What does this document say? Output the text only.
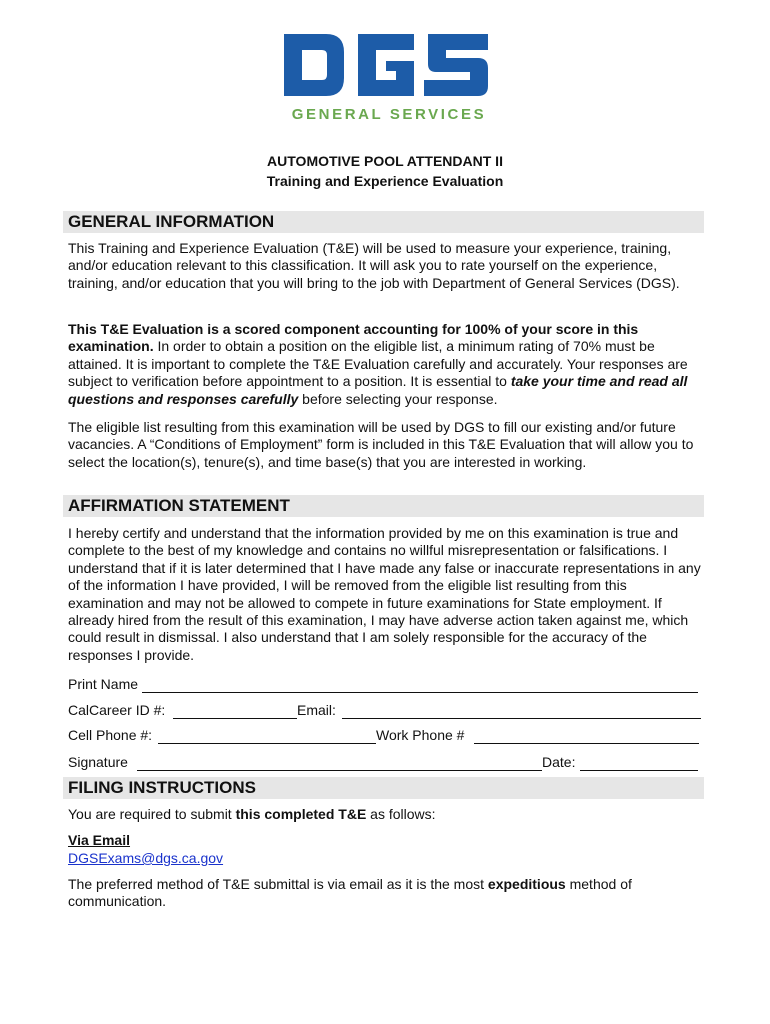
GENERAL SERVICES
AUTOMOTIVE POOL ATTENDANT II
Training and Experience Evaluation
GENERAL INFORMATION
This Training and Experience Evaluation (T&E) will be used to measure your experience, training, and/or education relevant to this classification. It will ask you to rate yourself on the experience, training, and/or education that you will bring to the job with Department of General Services (DGS).
This T&E Evaluation is a scored component accounting for 100% of your score in this examination. In order to obtain a position on the eligible list, a minimum rating of 70% must be attained. It is important to complete the T&E Evaluation carefully and accurately. Your responses are subject to verification before appointment to a position. It is essential to take your time and read all questions and responses carefully before selecting your response.
The eligible list resulting from this examination will be used by DGS to fill our existing and/or future vacancies. A “Conditions of Employment” form is included in this T&E Evaluation that will allow you to select the location(s), tenure(s), and time base(s) that you are interested in working.
AFFIRMATION STATEMENT
I hereby certify and understand that the information provided by me on this examination is true and complete to the best of my knowledge and contains no willful misrepresentation or falsifications. I understand that if it is later determined that I have made any false or inaccurate representations in any of the information I have provided, I will be removed from the eligible list resulting from this examination and may not be allowed to compete in future examinations for State employment. If already hired from the result of this examination, I may have adverse action taken against me, which could result in dismissal. I also understand that I am solely responsible for the accuracy of the responses I provide.
Print Name
CalCareer ID #:	Email:
Cell Phone #:	Work Phone #
Signature	Date:
FILING INSTRUCTIONS
You are required to submit this completed T&E as follows:
Via Email
DGSExams@dgs.ca.gov
The preferred method of T&E submittal is via email as it is the most expeditious method of communication.
